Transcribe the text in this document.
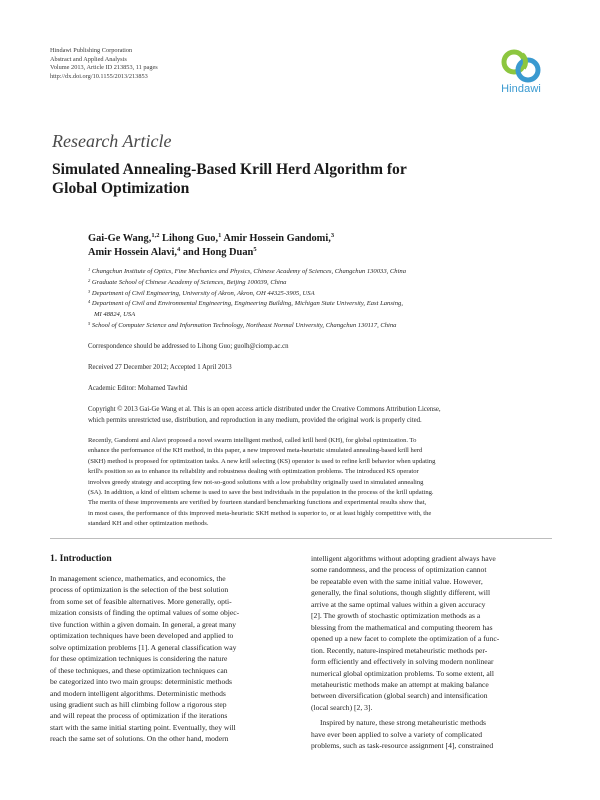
Hindawi Publishing Corporation
Abstract and Applied Analysis
Volume 2013, Article ID 213853, 11 pages
http://dx.doi.org/10.1155/2013/213853
Hindawi
Research Article
Simulated Annealing-Based Krill Herd Algorithm for
Global Optimization
Gai-Ge Wang,$^{1,2}$ Lihong Guo,$^1$ Amir Hossein Gandomi,$^3$
Amir Hossein Alavi,$^4$ and Hong Duan$^5$
$^1$ Changchun Institute of Optics, Fine Mechanics and Physics, Chinese Academy of Sciences, Changchun 130033, China
$^2$ Graduate School of Chinese Academy of Sciences, Beijing 100039, China
$^3$ Department of Civil Engineering, University of Akron, Akron, OH 44325-3905, USA
$^4$ Department of Civil and Environmental Engineering, Engineering Building, Michigan State University, East Lansing,
MI 48824, USA
$^5$ School of Computer Science and Information Technology, Northeast Normal University, Changchun 130117, China
Correspondence should be addressed to Lihong Guo; guolh@ciomp.ac.cn
Received 27 December 2012; Accepted 1 April 2013
Academic Editor: Mohamed Tawhid
Copyright © 2013 Gai-Ge Wang et al. This is an open access article distributed under the Creative Commons Attribution License,
which permits unrestricted use, distribution, and reproduction in any medium, provided the original work is properly cited.
Recently, Gandomi and Alavi proposed a novel swarm intelligent method, called krill herd (KH), for global optimization. To
enhance the performance of the KH method, in this paper, a new improved meta-heuristic simulated annealing-based krill herd
(SKH) method is proposed for optimization tasks. A new krill selecting (KS) operator is used to refine krill behavior when updating
krill's position so as to enhance its reliability and robustness dealing with optimization problems. The introduced KS operator
involves greedy strategy and accepting few not-so-good solutions with a low probability originally used in simulated annealing
(SA). In addition, a kind of elitism scheme is used to save the best individuals in the population in the process of the krill updating.
The merits of these improvements are verified by fourteen standard benchmarking functions and experimental results show that,
in most cases, the performance of this improved meta-heuristic SKH method is superior to, or at least highly competitive with, the
standard KH and other optimization methods.
1. Introduction
In management science, mathematics, and economics, the
process of optimization is the selection of the best solution
from some set of feasible alternatives. More generally, opti-
mization consists of finding the optimal values of some objec-
tive function within a given domain. In general, a great many
optimization techniques have been developed and applied to
solve optimization problems [1]. A general classification way
for these optimization techniques is considering the nature
of these techniques, and these optimization techniques can
be categorized into two main groups: deterministic methods
and modern intelligent algorithms. Deterministic methods
using gradient such as hill climbing follow a rigorous step
and will repeat the process of optimization if the iterations
start with the same initial starting point. Eventually, they will
reach the same set of solutions. On the other hand, modern
intelligent algorithms without adopting gradient always have
some randomness, and the process of optimization cannot
be repeatable even with the same initial value. However,
generally, the final solutions, though slightly different, will
arrive at the same optimal values within a given accuracy
[2]. The growth of stochastic optimization methods as a
blessing from the mathematical and computing theorem has
opened up a new facet to complete the optimization of a func-
tion. Recently, nature-inspired metaheuristic methods per-
form efficiently and effectively in solving modern nonlinear
numerical global optimization problems. To some extent, all
metaheuristic methods make an attempt at making balance
between diversification (global search) and intensification
(local search) [2, 3].
Inspired by nature, these strong metaheuristic methods
have ever been applied to solve a variety of complicated
problems, such as task-resource assignment [4], constrained
